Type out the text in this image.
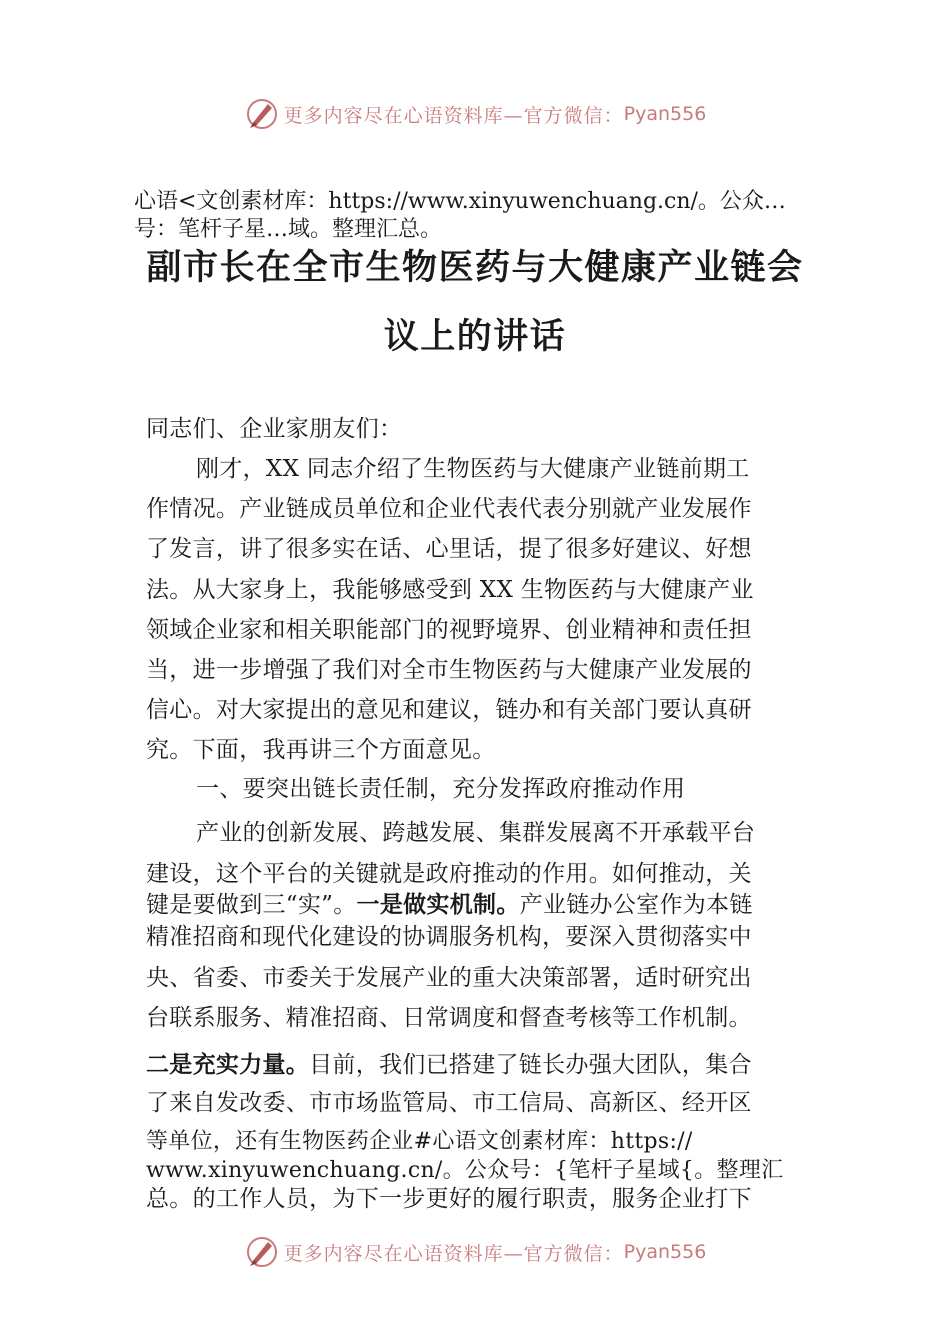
更多内容尽在心语资料库—官方微信： Pyan556
心语<文创素材库：https://www.xinyuwenchuang.cn/。公众…
号：笔杆子星…域。整理汇总。
副市长在全市生物医药与大健康产业链会
议上的讲话
同志们、企业家朋友们：
刚才，XX 同志介绍了生物医药与大健康产业链前期工
作情况。产业链成员单位和企业代表代表分别就产业发展作
了发言，讲了很多实在话、心里话，提了很多好建议、好想
法。从大家身上，我能够感受到 XX 生物医药与大健康产业
领域企业家和相关职能部门的视野境界、创业精神和责任担
当，进一步增强了我们对全市生物医药与大健康产业发展的
信心。对大家提出的意见和建议，链办和有关部门要认真研
究。下面，我再讲三个方面意见。
一、要突出链长责任制，充分发挥政府推动作用
产业的创新发展、跨越发展、集群发展离不开承载平台
建设，这个平台的关键就是政府推动的作用。如何推动，关
键是要做到三“实”。一是做实机制。产业链办公室作为本链
精准招商和现代化建设的协调服务机构，要深入贯彻落实中
央、省委、市委关于发展产业的重大决策部署，适时研究出
台联系服务、精准招商、日常调度和督查考核等工作机制。
二是充实力量。目前，我们已搭建了链长办强大团队，集合
了来自发改委、市市场监管局、市工信局、高新区、经开区
等单位，还有生物医药企业#心语文创素材库：https://
www.xinyuwenchuang.cn/。公众号：{笔杆子星域{。整理汇
总。的工作人员，为下一步更好的履行职责，服务企业打下
更多内容尽在心语资料库—官方微信： Pyan556
